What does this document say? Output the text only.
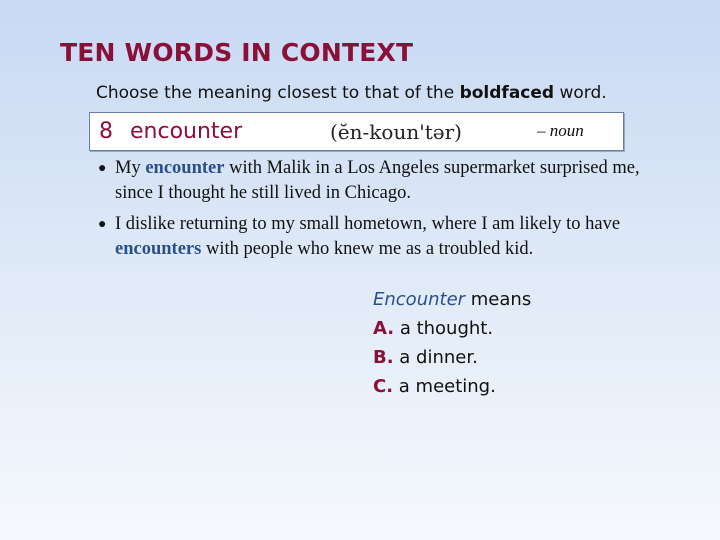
TEN WORDS IN CONTEXT
Choose the meaning closest to that of the boldfaced word.
8 encounter	(ĕn-koun'tər)	– noun
● My encounter with Malik in a Los Angeles supermarket surprised me, since I thought he still lived in Chicago.
● I dislike returning to my small hometown, where I am likely to have encounters with people who knew me as a troubled kid.
Encounter means
A. a thought.
B. a dinner.
C. a meeting.
